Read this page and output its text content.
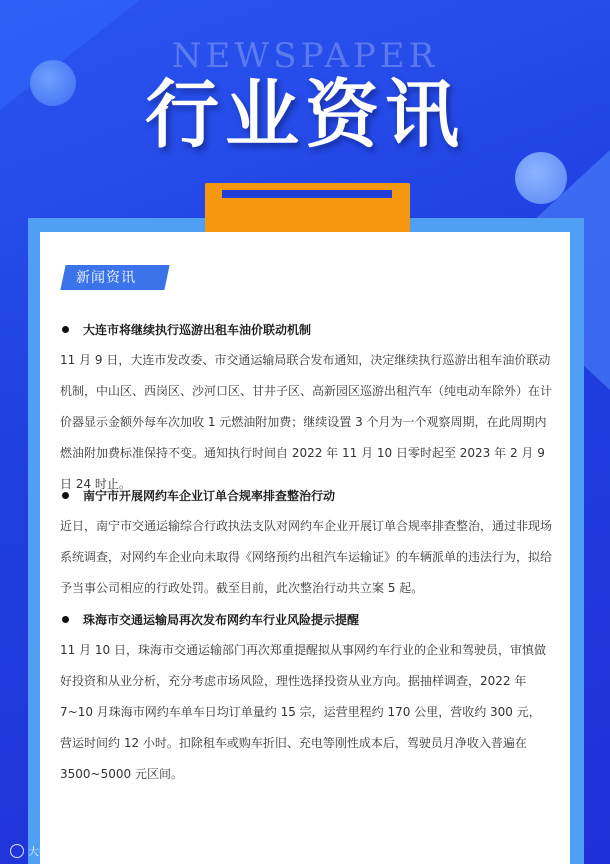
NEWSPAPER
行业资讯
新闻资讯
大连市将继续执行巡游出租车油价联动机制

11 月 9 日，大连市发改委、市交通运输局联合发布通知，决定继续执行巡游出租车油价联动机制，中山区、西岗区、沙河口区、甘井子区、高新园区巡游出租汽车（纯电动车除外）在计价器显示金额外每车次加收 1 元燃油附加费；继续设置 3 个月为一个观察周期，在此周期内燃油附加费标准保持不变。通知执行时间自 2022 年 11 月 10 日零时起至 2023 年 2 月 9 日 24 时止。

南宁市开展网约车企业订单合规率排查整治行动

近日，南宁市交通运输综合行政执法支队对网约车企业开展订单合规率排查整治，通过非现场系统调查，对网约车企业向未取得《网络预约出租汽车运输证》的车辆派单的违法行为，拟给予当事公司相应的行政处罚。截至目前，此次整治行动共立案 5 起。

珠海市交通运输局再次发布网约车行业风险提示提醒

11 月 10 日，珠海市交通运输部门再次郑重提醒拟从事网约车行业的企业和驾驶员，审慎做好投资和从业分析，充分考虑市场风险，理性选择投资从业方向。据抽样调查，2022 年 7~10 月珠海市网约车单车日均订单量约 15 宗，运营里程约 170 公里，营收约 300 元，营运时间约 12 小时。扣除租车或购车折旧、充电等刚性成本后，驾驶员月净收入普遍在 3500~5000 元区间。

大数跨境
